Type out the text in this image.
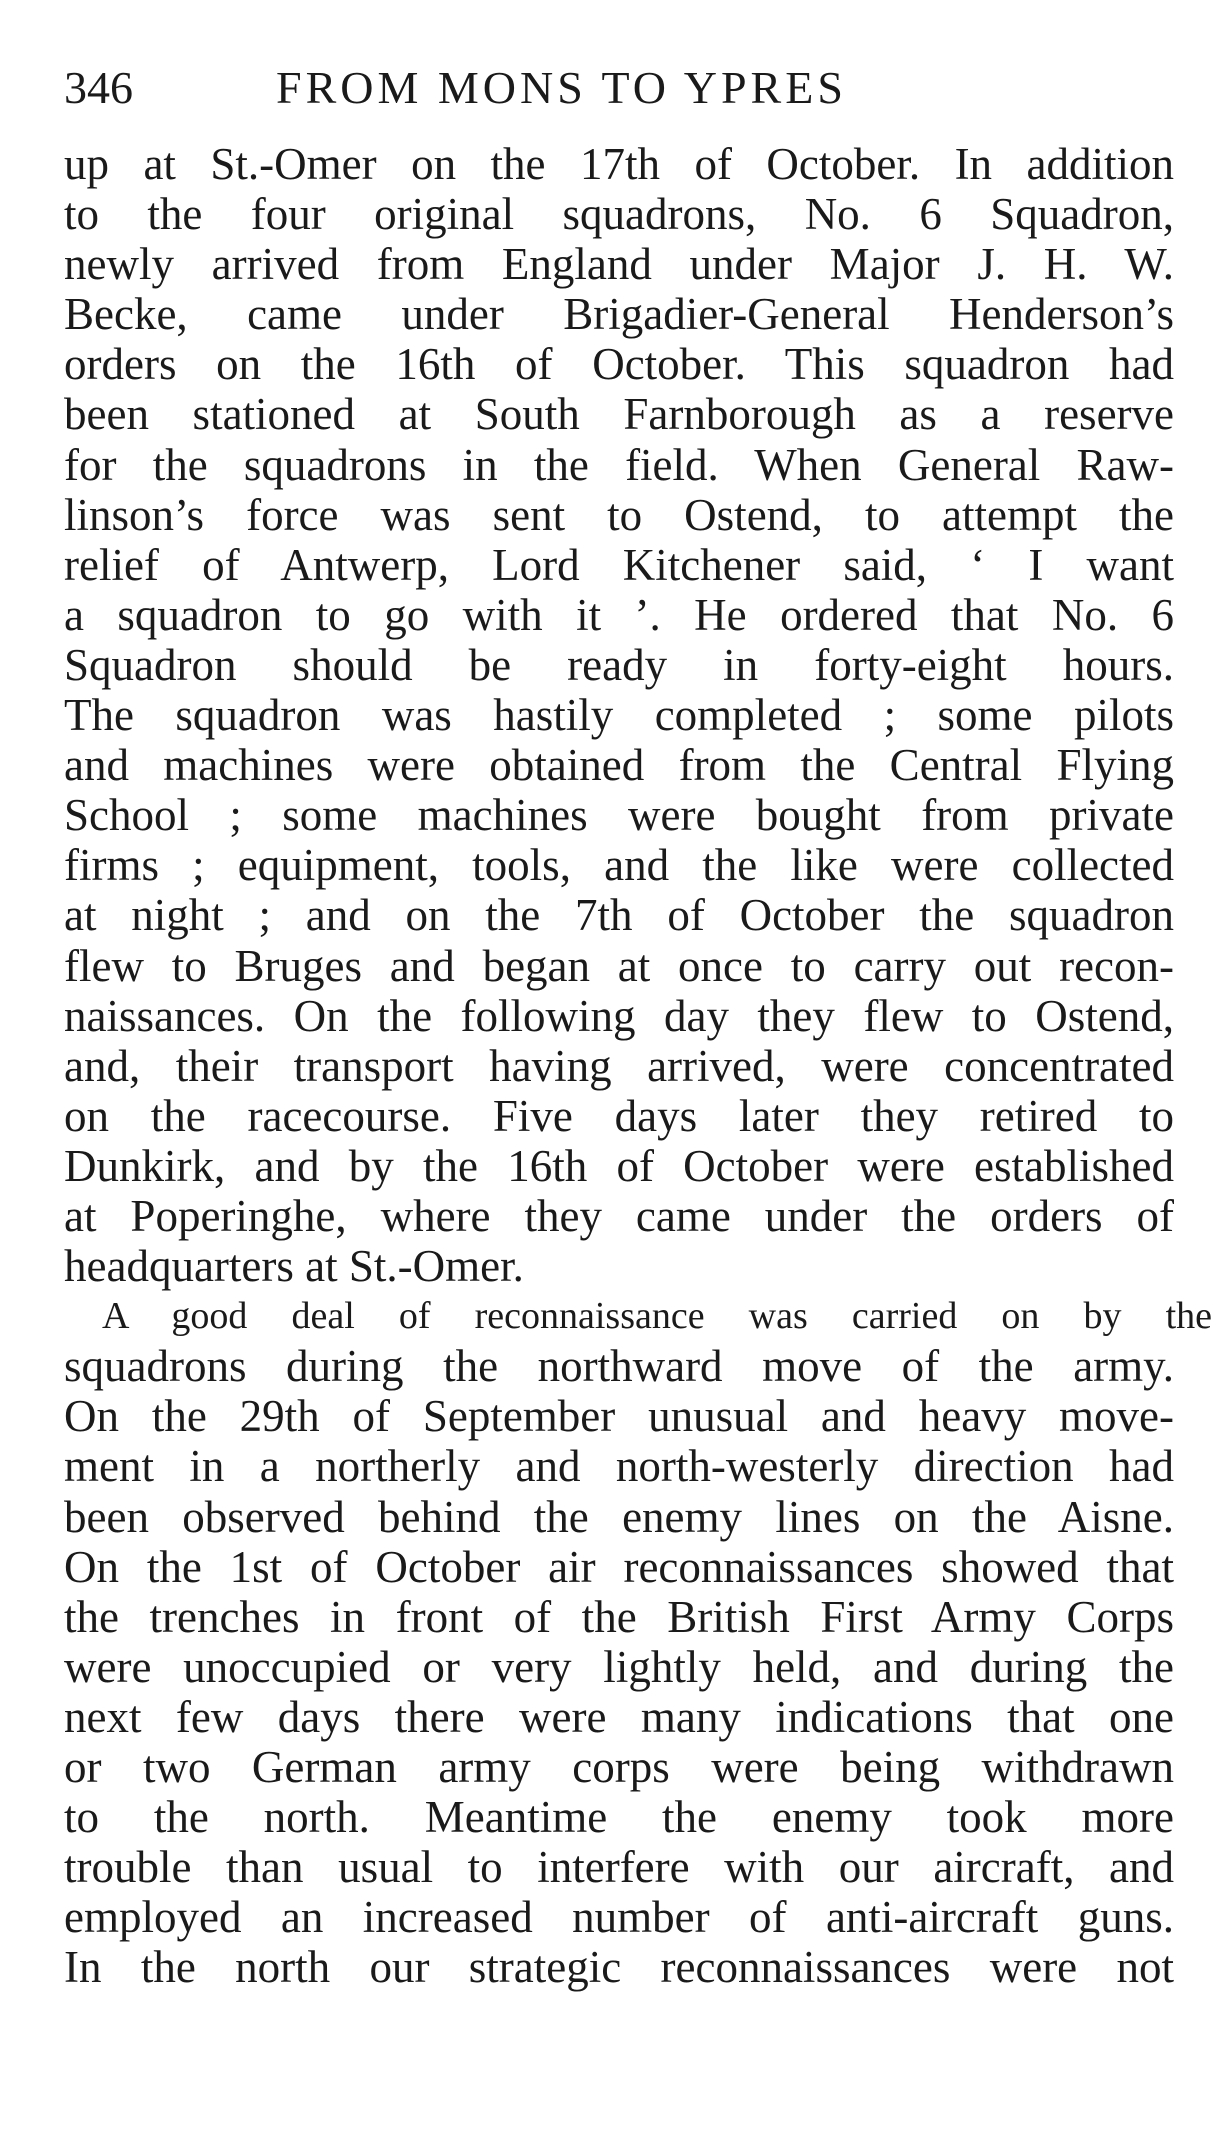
346	FROM MONS TO YPRES
up at St.-Omer on the 17th of October. In addition
to the four original squadrons, No. 6 Squadron,
newly arrived from England under Major J. H. W.
Becke, came under Brigadier-General Henderson’s
orders on the 16th of October. This squadron had
been stationed at South Farnborough as a reserve
for the squadrons in the field. When General Raw-
linson’s force was sent to Ostend, to attempt the
relief of Antwerp, Lord Kitchener said, ‘ I want
a squadron to go with it ’. He ordered that No. 6
Squadron should be ready in forty-eight hours.
The squadron was hastily completed ; some pilots
and machines were obtained from the Central Flying
School ; some machines were bought from private
firms ; equipment, tools, and the like were collected
at night ; and on the 7th of October the squadron
flew to Bruges and began at once to carry out recon-
naissances. On the following day they flew to Ostend,
and, their transport having arrived, were concentrated
on the racecourse. Five days later they retired to
Dunkirk, and by the 16th of October were established
at Poperinghe, where they came under the orders of
headquarters at St.-Omer.
A good deal of reconnaissance was carried on by the
squadrons during the northward move of the army.
On the 29th of September unusual and heavy move-
ment in a northerly and north-westerly direction had
been observed behind the enemy lines on the Aisne.
On the 1st of October air reconnaissances showed that
the trenches in front of the British First Army Corps
were unoccupied or very lightly held, and during the
next few days there were many indications that one
or two German army corps were being withdrawn
to the north. Meantime the enemy took more
trouble than usual to interfere with our aircraft, and
employed an increased number of anti-aircraft guns.
In the north our strategic reconnaissances were not
